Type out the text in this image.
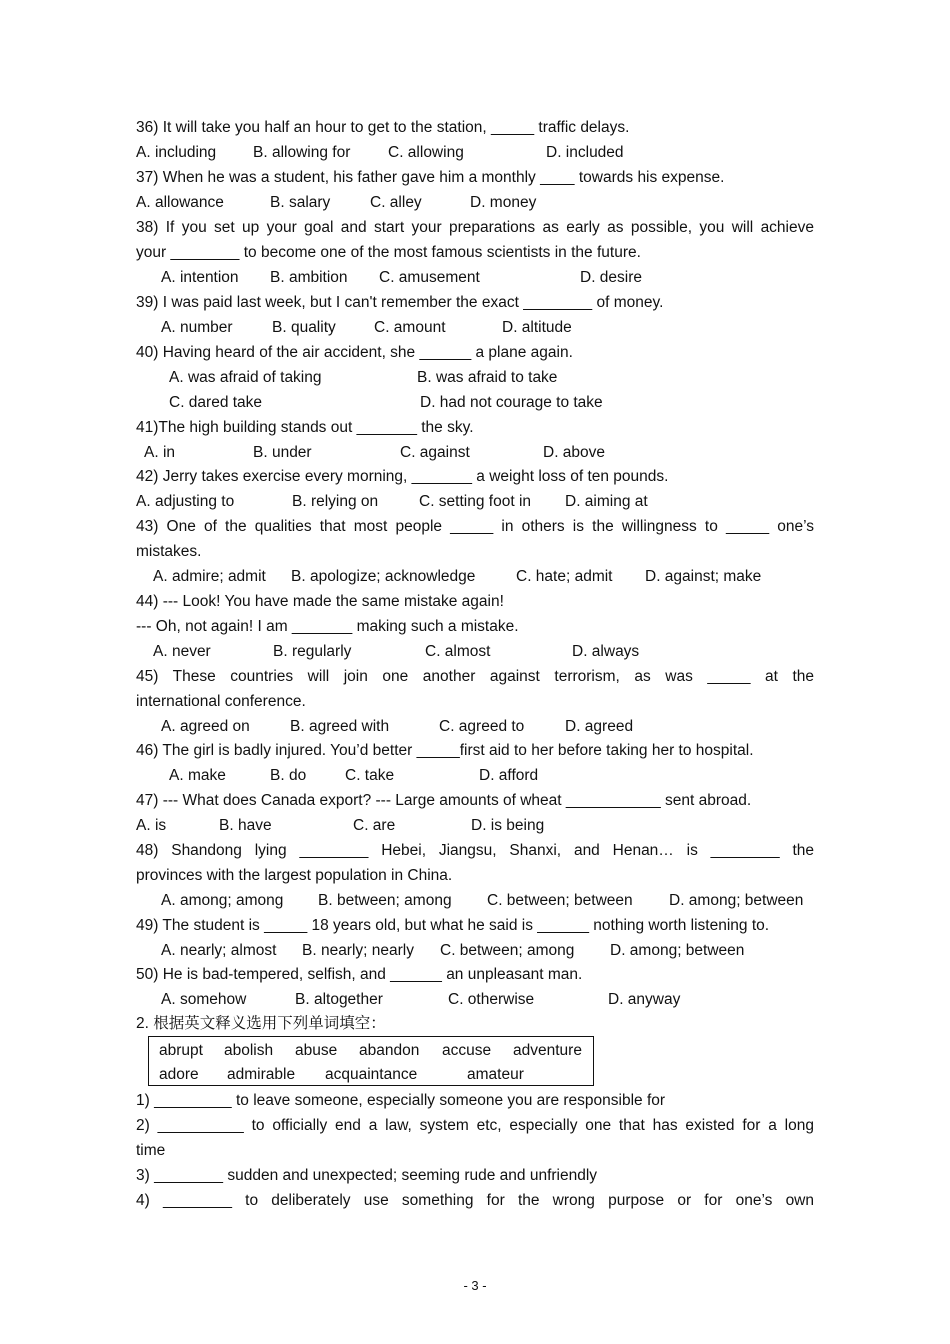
36) It will take you half an hour to get to the station, _____ traffic delays.
A. including B. allowing for C. allowing	D. included
37) When he was a student, his father gave him a monthly ____ towards his expense.
A. allowance	B. salary	C. alley	D. money
38) If you set up your goal and start your preparations as early as possible, you will achieve
your ________ to become one of the most famous scientists in the future.
A. intention B. ambition C. amusement	D. desire
39) I was paid last week, but I can't remember the exact ________ of money.
A. number	B. quality C. amount	D. altitude
40) Having heard of the air accident, she ______ a plane again.
A. was afraid of taking	B. was afraid to take
C. dared take	D. had not courage to take
41)The high building stands out _______ the sky.
A. in	B. under	C. against	D. above
42) Jerry takes exercise every morning, _______ a weight loss of ten pounds.
A. adjusting to	B. relying on	C. setting foot in D. aiming at
43) One of the qualities that most people _____ in others is the willingness to _____ one’s
mistakes.
A. admire; admit B. apologize; acknowledge	C. hate; admit D. against; make
44) --- Look! You have made the same mistake again!
--- Oh, not again! I am _______ making such a mistake.
A. never	B. regularly	C. almost	D. always
45) These countries will join one another against terrorism, as was _____ at the
international conference.
A. agreed on	B. agreed with	C. agreed to	D. agreed
46) The girl is badly injured. You’d better _____first aid to her before taking her to hospital.
A. make	B. do	C. take	D. afford
47) --- What does Canada export? --- Large amounts of wheat ___________ sent abroad.
A. is	B. have	C. are	D. is being
48) Shandong lying ________ Hebei, Jiangsu, Shanxi, and Henan… is ________ the
provinces with the largest population in China.
A. among; among B. between; among C. between; between D. among; between
49) The student is _____ 18 years old, but what he said is ______ nothing worth listening to.
A. nearly; almost B. nearly; nearly C. between; among D. among; between
50) He is bad-tempered, selfish, and ______ an unpleasant man.
A. somehow	B. altogether	C. otherwise	D. anyway
2. 根据英文释义选用下列单词填空：
abrupt abolish abuse abandon accuse adventure
adore admirable acquaintance	amateur
1) _________ to leave someone, especially someone you are responsible for
2) __________ to officially end a law, system etc, especially one that has existed for a long
time
3) ________ sudden and unexpected; seeming rude and unfriendly
4) ________ to deliberately use something for the wrong purpose or for one’s own
- 3 -
